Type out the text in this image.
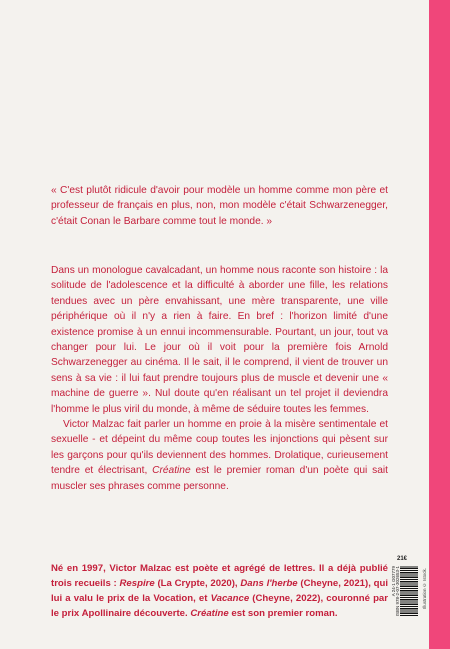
« C'est plutôt ridicule d'avoir pour modèle un homme comme mon père et professeur de français en plus, non, mon modèle c'était Schwarzenegger, c'était Conan le Barbare comme tout le monde. »

Dans un monologue cavalcadant, un homme nous raconte son histoire : la solitude de l'adolescence et la difficulté à aborder une fille, les relations tendues avec un père envahissant, une mère transparente, une ville périphérique où il n'y a rien à faire. En bref : l'horizon limité d'une existence promise à un ennui incommensurable. Pourtant, un jour, tout va changer pour lui. Le jour où il voit pour la première fois Arnold Schwarzenegger au cinéma. Il le sait, il le comprend, il vient de trouver un sens à sa vie : il lui faut prendre toujours plus de muscle et devenir une « machine de guerre ». Nul doute qu'en réalisant un tel projet il deviendra l'homme le plus viril du monde, à même de séduire toutes les femmes.

Victor Malzac fait parler un homme en proie à la misère sentimentale et sexuelle - et dépeint du même coup toutes les injonctions qui pèsent sur les garçons pour qu'ils deviennent des hommes. Drolatique, curieusement tendre et électrisant, Créatine est le premier roman d'un poète qui sait muscler ses phrases comme personne.

Né en 1997, Victor Malzac est poète et agrégé de lettres. Il a déjà publié trois recueils : Respire (La Crypte, 2020), Dans l'herbe (Cheyne, 2021), qui lui a valu le prix de la Vocation, et Vacance (Cheyne, 2022), couronné par le prix Apollinaire découverte. Créatine est son premier roman.

21€
ISBN 978-2-07-302653-1
A 24-1 G07779	Illustration © Istock.
